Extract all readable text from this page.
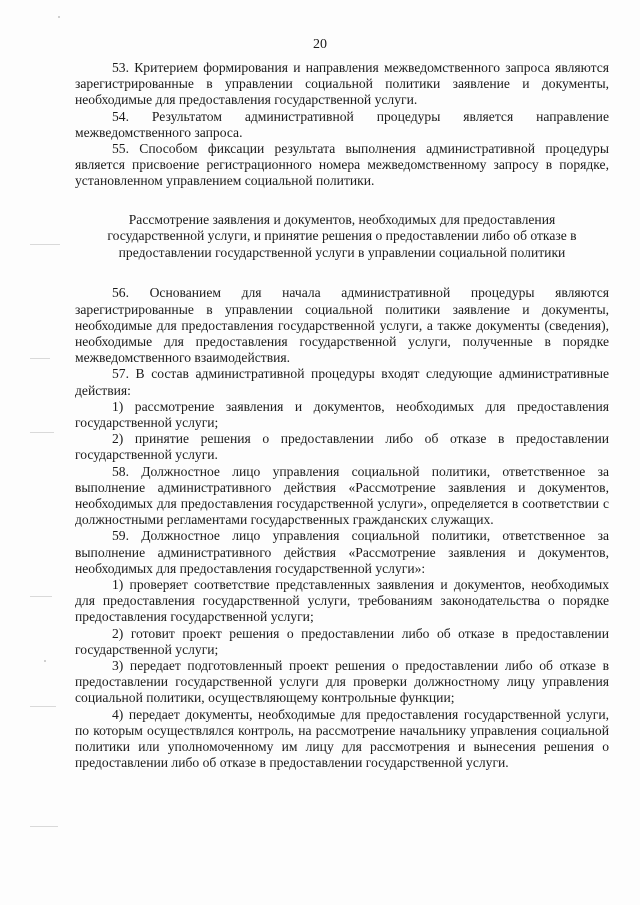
20

53. Критерием формирования и направления межведомственного запроса являются зарегистрированные в управлении социальной политики заявление и документы, необходимые для предоставления государственной услуги.

54. Результатом административной процедуры является направление межведомственного запроса.

55. Способом фиксации результата выполнения административной процедуры является присвоение регистрационного номера межведомственному запросу в порядке, установленном управлением социальной политики.

Рассмотрение заявления и документов, необходимых для предоставления государственной услуги, и принятие решения о предоставлении либо об отказе в предоставлении государственной услуги в управлении социальной политики

56. Основанием для начала административной процедуры являются зарегистрированные в управлении социальной политики заявление и документы, необходимые для предоставления государственной услуги, а также документы (сведения), необходимые для предоставления государственной услуги, полученные в порядке межведомственного взаимодействия.

57. В состав административной процедуры входят следующие административные действия:

1) рассмотрение заявления и документов, необходимых для предоставления государственной услуги;

2) принятие решения о предоставлении либо об отказе в предоставлении государственной услуги.

58. Должностное лицо управления социальной политики, ответственное за выполнение административного действия «Рассмотрение заявления и документов, необходимых для предоставления государственной услуги», определяется в соответствии с должностными регламентами государственных гражданских служащих.

59. Должностное лицо управления социальной политики, ответственное за выполнение административного действия «Рассмотрение заявления и документов, необходимых для предоставления государственной услуги»:

1) проверяет соответствие представленных заявления и документов, необходимых для предоставления государственной услуги, требованиям законодательства о порядке предоставления государственной услуги;

2) готовит проект решения о предоставлении либо об отказе в предоставлении государственной услуги;

3) передает подготовленный проект решения о предоставлении либо об отказе в предоставлении государственной услуги для проверки должностному лицу управления социальной политики, осуществляющему контрольные функции;

4) передает документы, необходимые для предоставления государственной услуги, по которым осуществлялся контроль, на рассмотрение начальнику управления социальной политики или уполномоченному им лицу для рассмотрения и вынесения решения о предоставлении либо об отказе в предоставлении государственной услуги.
